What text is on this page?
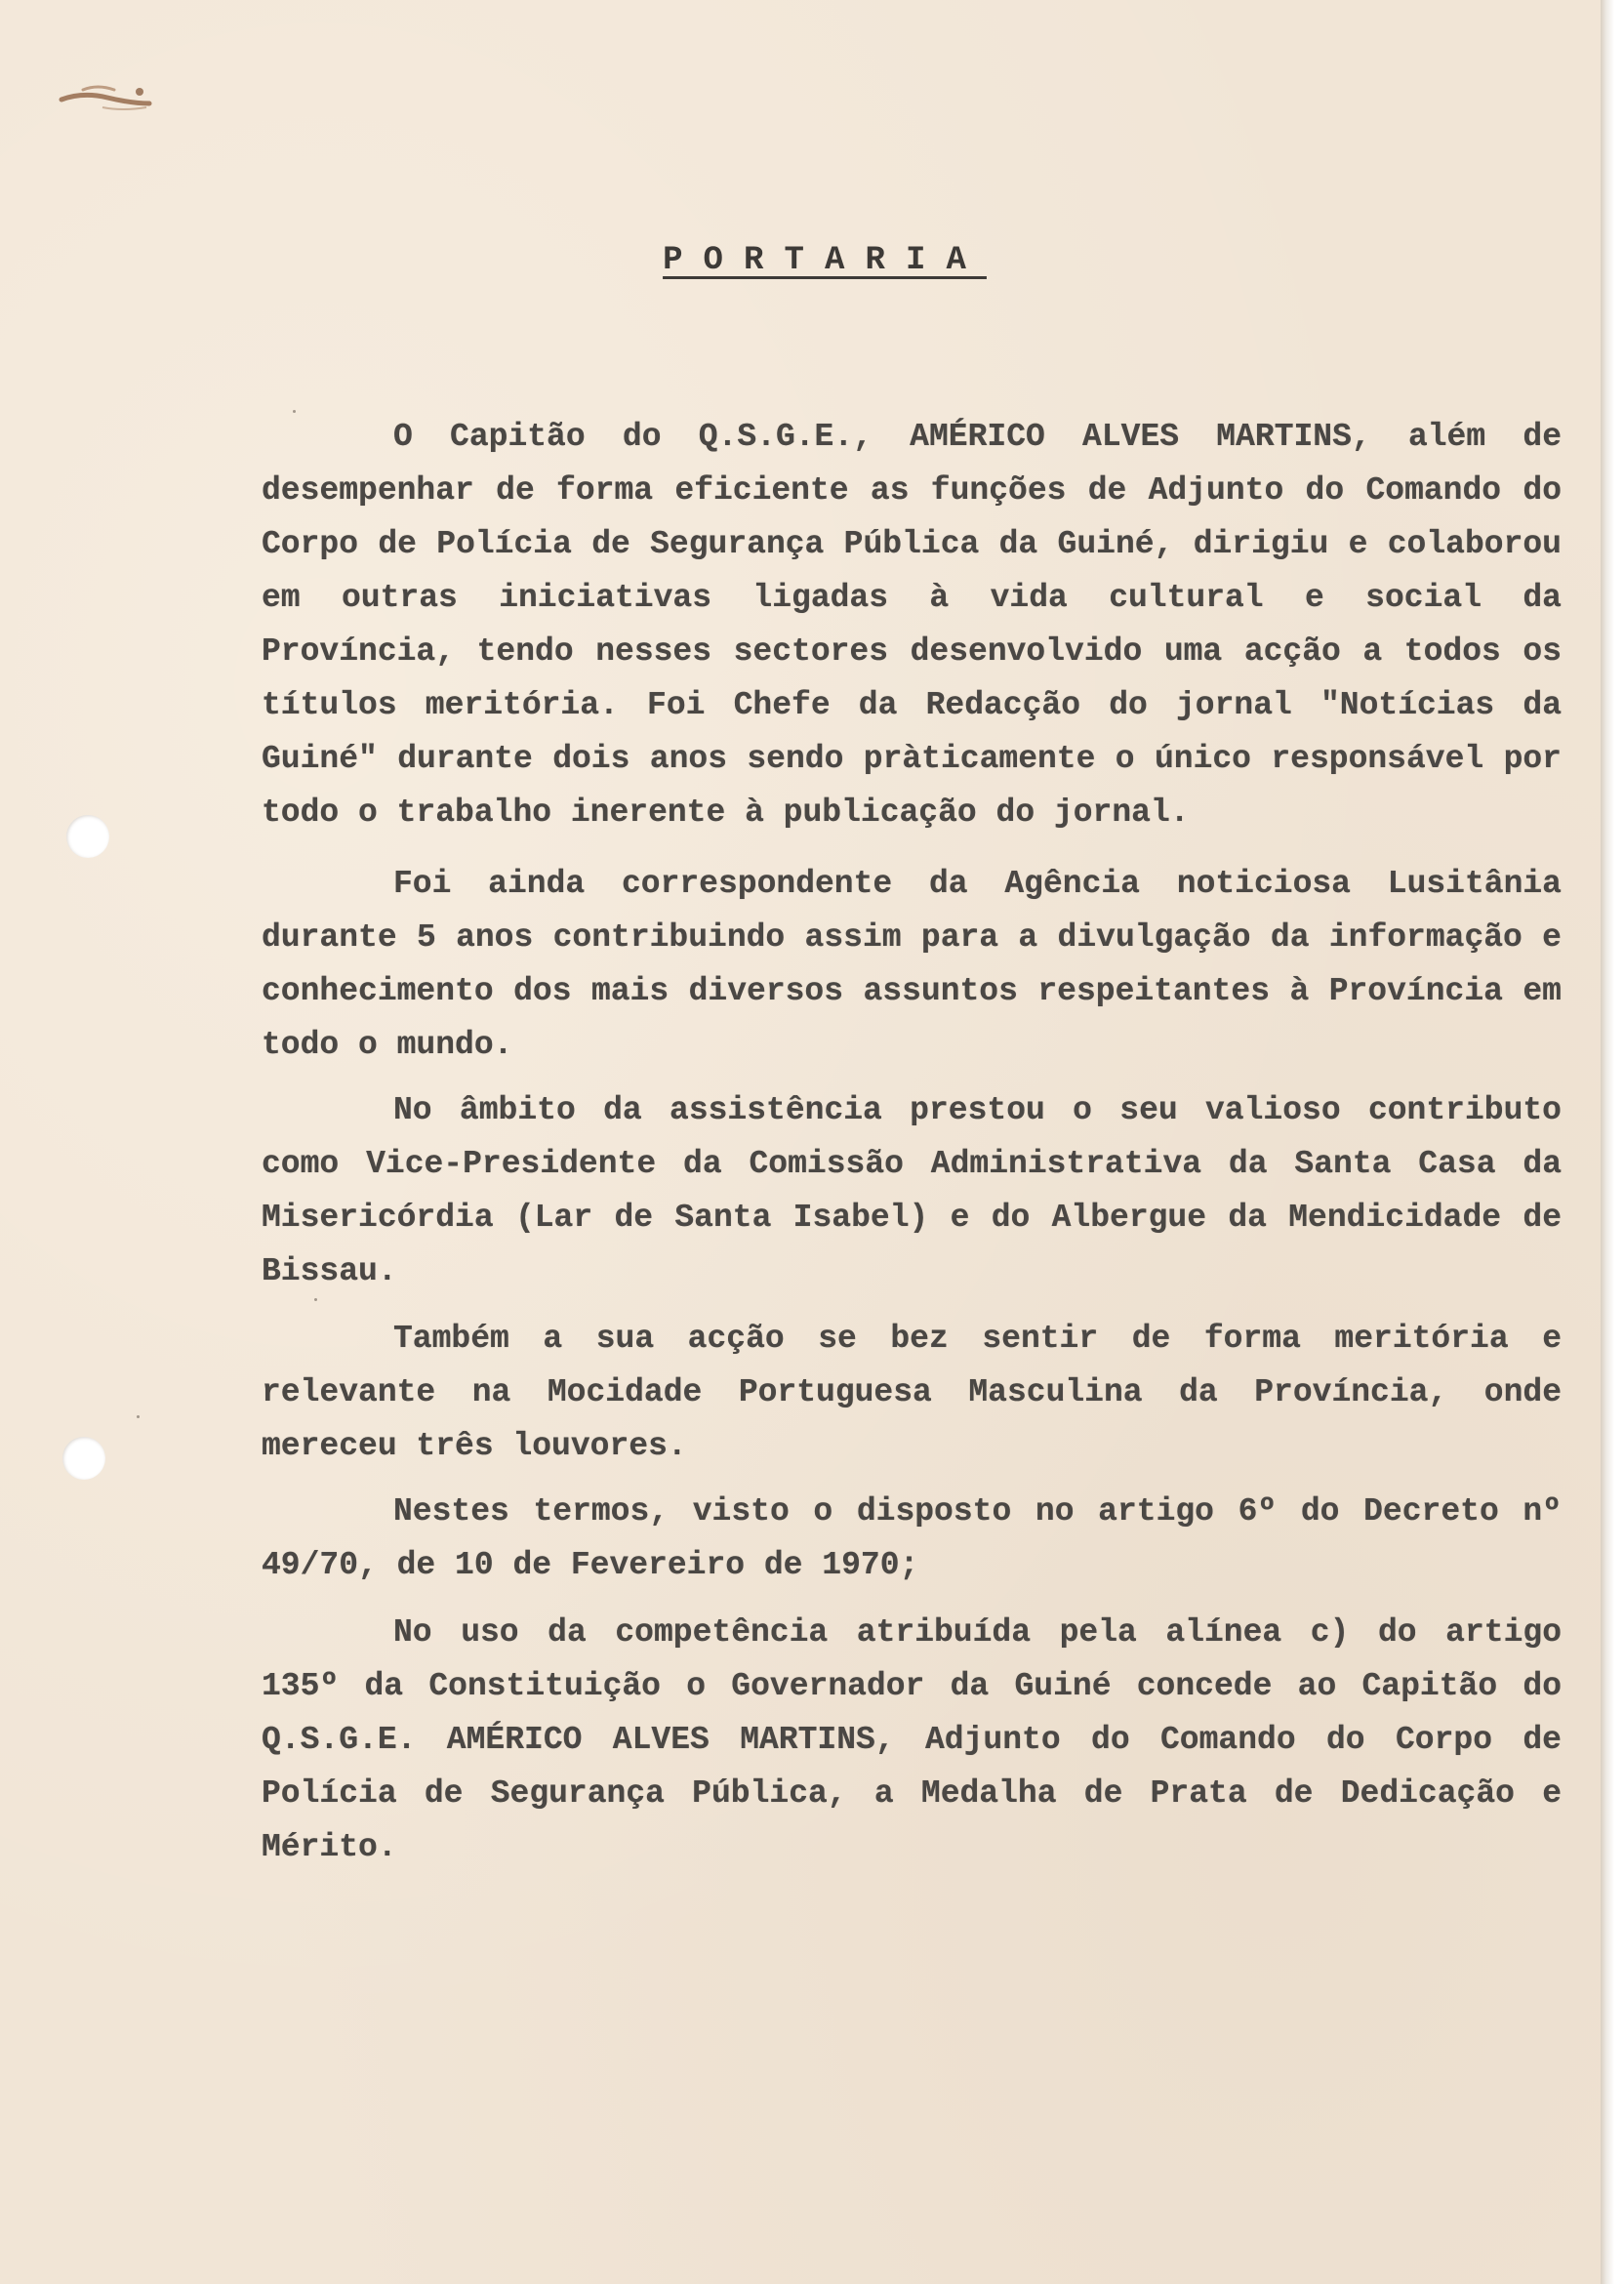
PORTARIA

O Capitão do Q.S.G.E., AMÉRICO ALVES MARTINS, além de desempenhar de forma eficiente as funções de Adjunto do Comando do Corpo de Polícia de Segurança Pública da Guiné, dirigiu e colaborou em outras iniciativas ligadas à vida cultural e social da Província, tendo nesses sectores desenvolvido uma acção a todos os títulos meritória. Foi Chefe da Redacção do jornal "Notícias da Guiné" durante dois anos sendo pràticamente o único responsável por todo o trabalho inerente à publicação do jornal.

Foi ainda correspondente da Agência noticiosa Lusitânia durante 5 anos contribuindo assim para a divulgação da informação e conhecimento dos mais diversos assuntos respeitantes à Província em todo o mundo.

No âmbito da assistência prestou o seu valioso contributo como Vice-Presidente da Comissão Administrativa da Santa Casa da Misericórdia (Lar de Santa Isabel) e do Albergue da Mendicidade de Bissau.

Também a sua acção se bez sentir de forma meritória e relevante na Mocidade Portuguesa Masculina da Província, onde mereceu três louvores.

Nestes termos, visto o disposto no artigo 6º do Decreto nº 49/70, de 10 de Fevereiro de 1970;

No uso da competência atribuída pela alínea c) do artigo 135º da Constituição o Governador da Guiné concede ao Capitão do Q.S.G.E. AMÉRICO ALVES MARTINS, Adjunto do Comando do Corpo de Polícia de Segurança Pública, a Medalha de Prata de Dedicação e Mérito.
